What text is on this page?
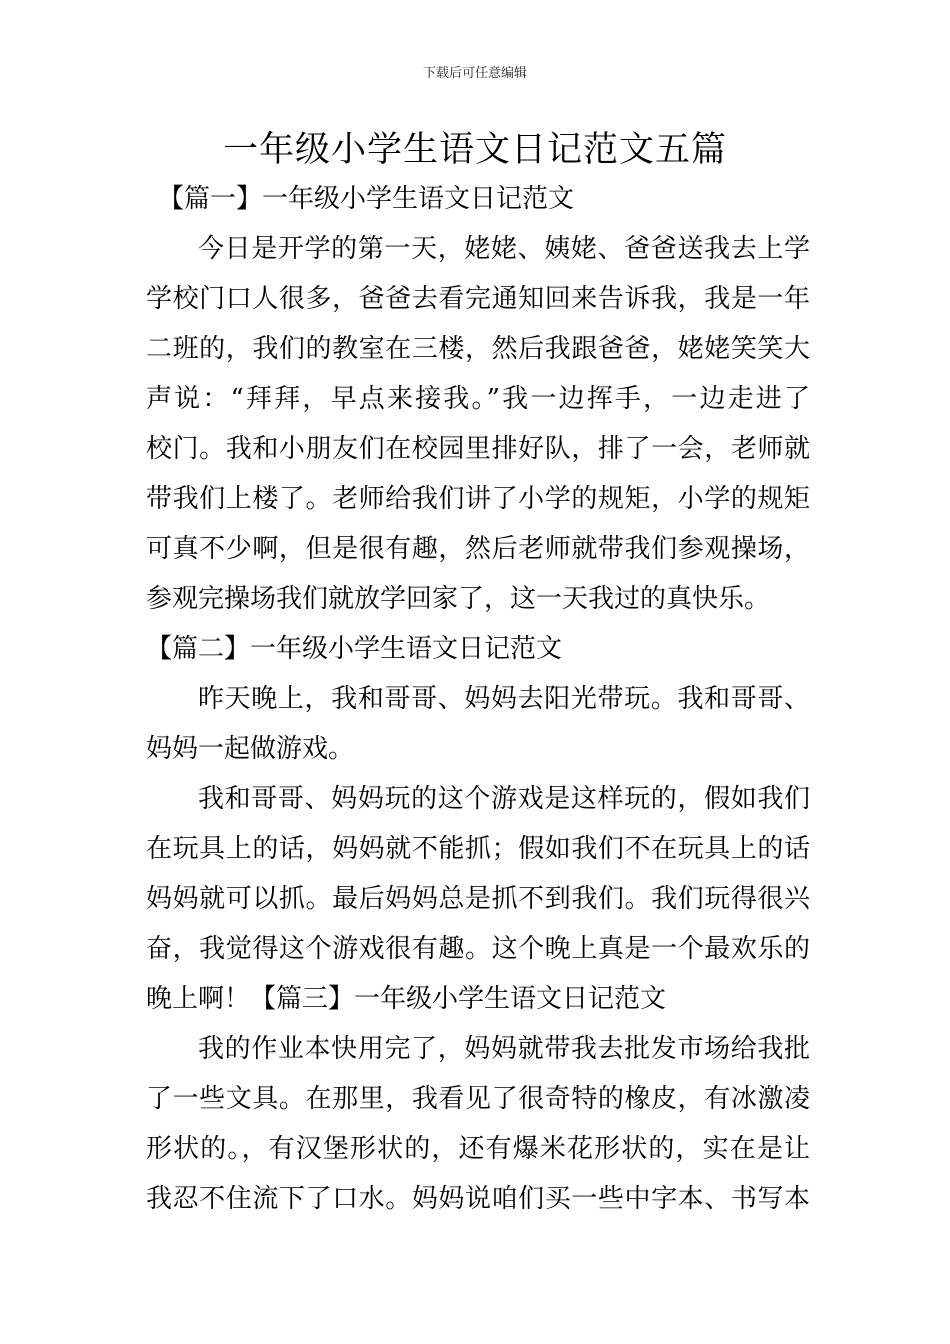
下载后可任意编辑
一年级小学生语文日记范文五篇
【篇一】一年级小学生语文日记范文
今日是开学的第一天，姥姥、姨姥、爸爸送我去上学
学校门口人很多，爸爸去看完通知回来告诉我，我是一年
二班的，我们的教室在三楼，然后我跟爸爸，姥姥笑笑大
声说：“拜拜，早点来接我。”我一边挥手，一边走进了
校门。我和小朋友们在校园里排好队，排了一会，老师就
带我们上楼了。老师给我们讲了小学的规矩，小学的规矩
可真不少啊，但是很有趣，然后老师就带我们参观操场，
参观完操场我们就放学回家了，这一天我过的真快乐。
【篇二】一年级小学生语文日记范文
昨天晚上，我和哥哥、妈妈去阳光带玩。我和哥哥、
妈妈一起做游戏。
我和哥哥、妈妈玩的这个游戏是这样玩的，假如我们
在玩具上的话，妈妈就不能抓；假如我们不在玩具上的话
妈妈就可以抓。最后妈妈总是抓不到我们。我们玩得很兴
奋，我觉得这个游戏很有趣。这个晚上真是一个最欢乐的
晚上啊！【篇三】一年级小学生语文日记范文
我的作业本快用完了，妈妈就带我去批发市场给我批
了一些文具。在那里，我看见了很奇特的橡皮，有冰激凌
形状的。，有汉堡形状的，还有爆米花形状的，实在是让
我忍不住流下了口水。妈妈说咱们买一些中字本、书写本
